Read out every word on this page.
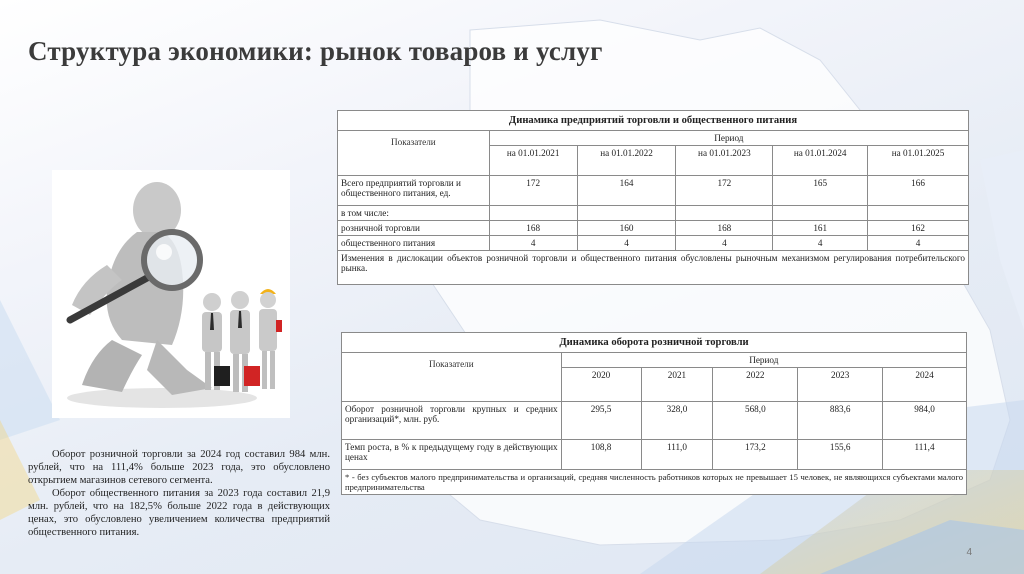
Структура экономики: рынок товаров и услуг

Оборот розничной торговли за 2024 год составил 984 млн. рублей, что на 111,4% больше 2023 года, это обусловлено открытием магазинов сетевого сегмента.

Оборот общественного питания за 2023 года составил 21,9 млн. рублей, что на 182,5% больше 2022 года в действующих ценах, это обусловлено увеличением количества предприятий общественного питания.

Динамика предприятий торговли и общественного питания					
Показатели	Период				
	на 01.01.2021	на 01.01.2022	на 01.01.2023	на 01.01.2024	на 01.01.2025
Всего предприятий торговли и общественного питания, ед.	172	164	172	165	166
в том числе:					
розничной торговли	168	160	168	161	162
общественного питания	4	4	4	4	4
Изменения в дислокации объектов розничной торговли и общественного питания обусловлены рыночным механизмом регулирования потребительского рынка.					
Динамика оборота розничной торговли					
Показатели	Период				
	2020	2021	2022	2023	2024
Оборот розничной торговли крупных и средних организаций*, млн. руб.	295,5	328,0	568,0	883,6	984,0
Темп роста, в % к предыдущему году в действующих ценах	108,8	111,0	173,2	155,6	111,4
* - без субъектов малого предпринимательства и организаций, средняя численность работников которых не превышает 15 человек, не являющихся субъектами малого предпринимательства					
4
